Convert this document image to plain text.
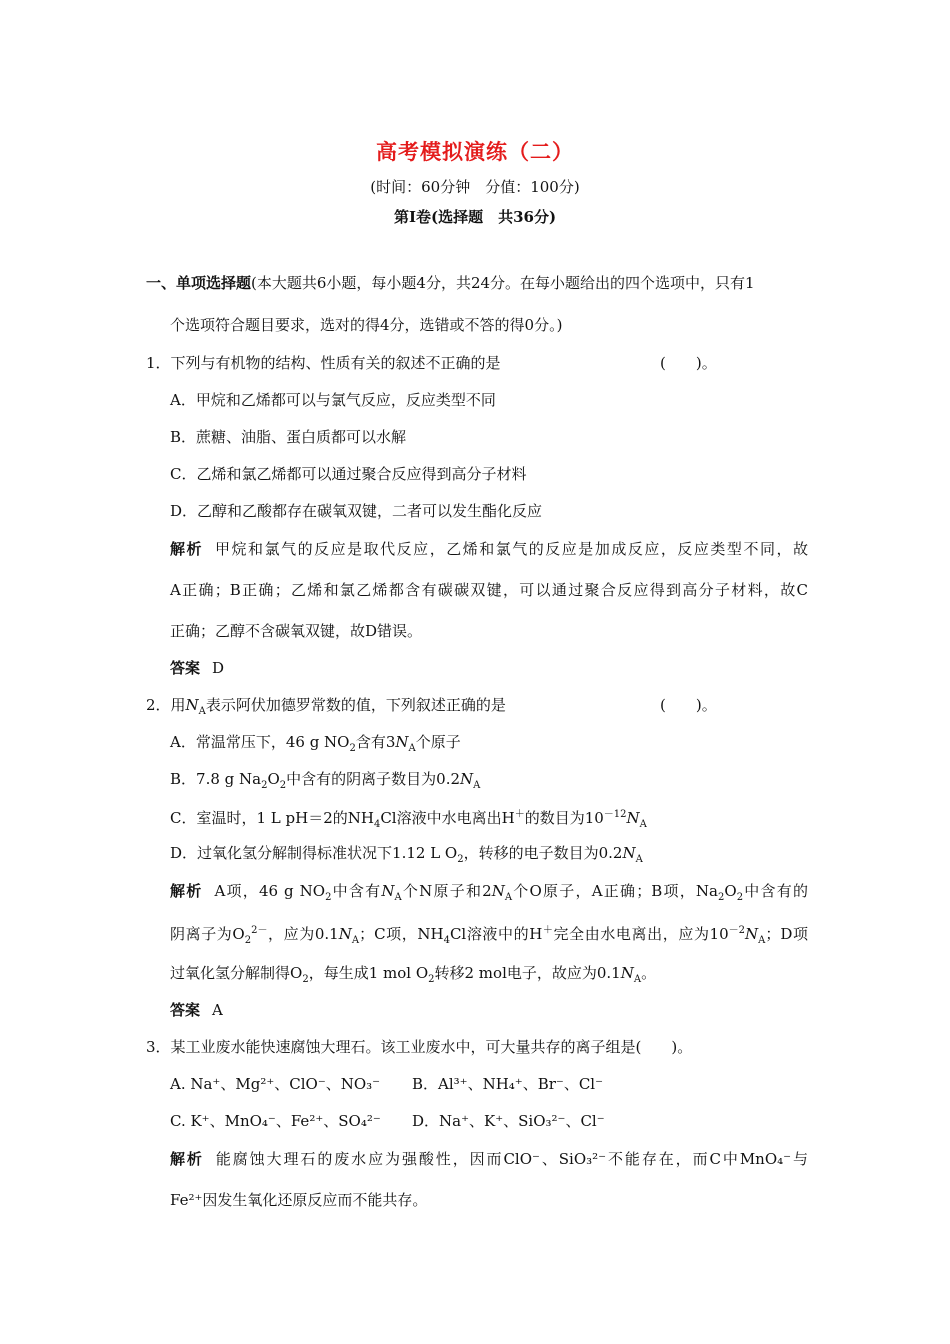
高考模拟演练（二）
(时间：60分钟　分值：100分)
第Ⅰ卷(选择题　共36分)
一、单项选择题(本大题共6小题，每小题4分，共24分。在每小题给出的四个选项中，只有1
个选项符合题目要求，选对的得4分，选错或不答的得0分。)
1．下列与有机物的结构、性质有关的叙述不正确的是	(　　)。
A．甲烷和乙烯都可以与氯气反应，反应类型不同
B．蔗糖、油脂、蛋白质都可以水解
C．乙烯和氯乙烯都可以通过聚合反应得到高分子材料
D．乙醇和乙酸都存在碳氧双键，二者可以发生酯化反应
解析 甲烷和氯气的反应是取代反应，乙烯和氯气的反应是加成反应，反应类型不同，故
A正确；B正确；乙烯和氯乙烯都含有碳碳双键，可以通过聚合反应得到高分子材料，故C
正确；乙醇不含碳氧双键，故D错误。
答案 D
2．用$N_A$表示阿伏加德罗常数的值，下列叙述正确的是	(　　)。
A．常温常压下，46 g $NO_2$含有$3N_A$个原子
B．7.8 g $Na_2O_2$中含有的阴离子数目为$0.2N_A$
C．室温时，1 L pH＝2的$NH_4Cl$溶液中水电离出H＋的数目为$10^{-12}N_A$
D．过氧化氢分解制得标准状况下1.12 L $O_2$，转移的电子数目为$0.2N_A$
解析 A项，46 g $NO_2$中含有$N_A$个N原子和$2N_A$个O原子，A正确；B项，$Na_2O_2$中含有的
阴离子为$O_2^{2-}$，应为$0.1N_A$；C项，$NH_4Cl$溶液中的H＋完全由水电离出，应为$10^{-2}N_A$；D项
过氧化氢分解制得$O_2$，每生成1 mol $O_2$转移2 mol电子，故应为$0.1N_A$。
答案 A
3．某工业废水能快速腐蚀大理石。该工业废水中，可大量共存的离子组是(　　)。
A. Na⁺、Mg²⁺、ClO⁻、NO₃⁻ B．Al³⁺、NH₄⁺、Br⁻、Cl⁻
C. K⁺、MnO₄⁻、Fe²⁺、SO₄²⁻ D．Na⁺、K⁺、SiO₃²⁻、Cl⁻
解析 能腐蚀大理石的废水应为强酸性，因而ClO⁻、SiO₃²⁻不能存在，而C中MnO₄⁻与
Fe²⁺因发生氧化还原反应而不能共存。
